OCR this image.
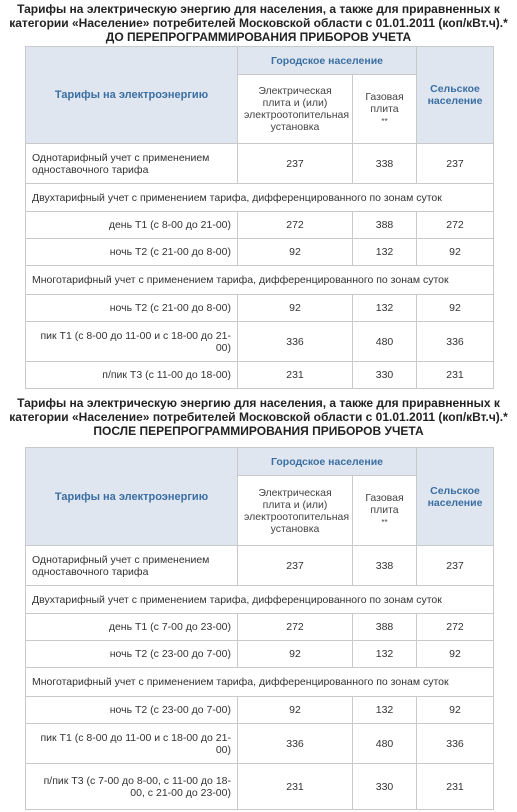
Тарифы на электрическую энергию для населения, а также для приравненных к категории «Население» потребителей Московской области с 01.01.2011 (коп/кВт.ч).* ДО ПЕРЕПРОГРАММИРОВАНИЯ ПРИБОРОВ УЧЕТА
Тарифы на электроэнергию	Городское население		Сельское население
	Электрическая плита и (или) электроотопительная установка	Газовая плита
**	
Однотарифный учет с применением одноставочного тарифа	237	338	237
Двухтарифный учет с применением тарифа, дифференцированного по зонам суток			
день Т1 (с 8-00 до 21-00)	272	388	272
ночь Т2 (с 21-00 до 8-00)	92	132	92
Многотарифный учет с применением тарифа, дифференцированного по зонам суток			
ночь Т2 (с 21-00 до 8-00)	92	132	92
пик Т1 (с 8-00 до 11-00 и с 18-00 до 21-00)	336	480	336
п/пик Т3 (с 11-00 до 18-00)	231	330	231
Тарифы на электрическую энергию для населения, а также для приравненных к категории «Население» потребителей Московской области с 01.01.2011 (коп/кВт.ч).* ПОСЛЕ ПЕРЕПРОГРАММИРОВАНИЯ ПРИБОРОВ УЧЕТА
Тарифы на электроэнергию	Городское население		Сельское население
	Электрическая плита и (или) электроотопительная установка	Газовая плита
**	
Однотарифный учет с применением одноставочного тарифа	237	338	237
Двухтарифный учет с применением тарифа, дифференцированного по зонам суток			
день Т1 (с 7-00 до 23-00)	272	388	272
ночь Т2 (с 23-00 до 7-00)	92	132	92
Многотарифный учет с применением тарифа, дифференцированного по зонам суток			
ночь Т2 (с 23-00 до 7-00)	92	132	92
пик Т1 (с 8-00 до 11-00 и с 18-00 до 21-00)	336	480	336
п/пик Т3 (с 7-00 до 8-00, с 11-00 до 18-00, с 21-00 до 23-00)	231	330	231
